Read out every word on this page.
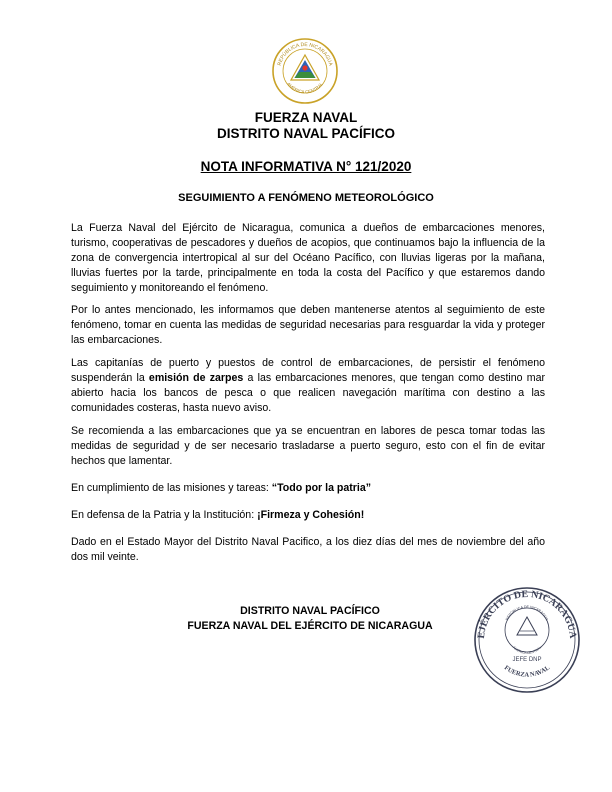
REPÚBLICA DE NICARAGUA
AMÉRICA CENTRAL
FUERZA NAVAL
DISTRITO NAVAL PACÍFICO
NOTA INFORMATIVA N° 121/2020
SEGUIMIENTO A FENÓMENO METEOROLÓGICO

La Fuerza Naval del Ejército de Nicaragua, comunica a dueños de embarcaciones menores, turismo, cooperativas de pescadores y dueños de acopios, que continuamos bajo la influencia de la zona de convergencia intertropical al sur del Océano Pacífico, con lluvias ligeras por la mañana, lluvias fuertes por la tarde, principalmente en toda la costa del Pacífico y que estaremos dando seguimiento y monitoreando el fenómeno.

Por lo antes mencionado, les informamos que deben mantenerse atentos al seguimiento de este fenómeno, tomar en cuenta las medidas de seguridad necesarias para resguardar la vida y proteger las embarcaciones.

Las capitanías de puerto y puestos de control de embarcaciones, de persistir el fenómeno suspenderán la emisión de zarpes a las embarcaciones menores, que tengan como destino mar abierto hacia los bancos de pesca o que realicen navegación marítima con destino a las comunidades costeras, hasta nuevo aviso.

Se recomienda a las embarcaciones que ya se encuentran en labores de pesca tomar todas las medidas de seguridad y de ser necesario trasladarse a puerto seguro, esto con el fin de evitar hechos que lamentar.

En cumplimiento de las misiones y tareas: “Todo por la patria”

En defensa de la Patria y la Institución: ¡Firmeza y Cohesión!

Dado en el Estado Mayor del Distrito Naval Pacifico, a los diez días del mes de noviembre del año dos mil veinte.

DISTRITO NAVAL PACÍFICO
FUERZA NAVAL DEL EJÉRCITO DE NICARAGUA
EJÉRCITO DE NICARAGUA
REPÚBLICA DE NICARAGUA
AMÉRICA CENTRAL
JEFE DNP
FUERZA NAVAL
